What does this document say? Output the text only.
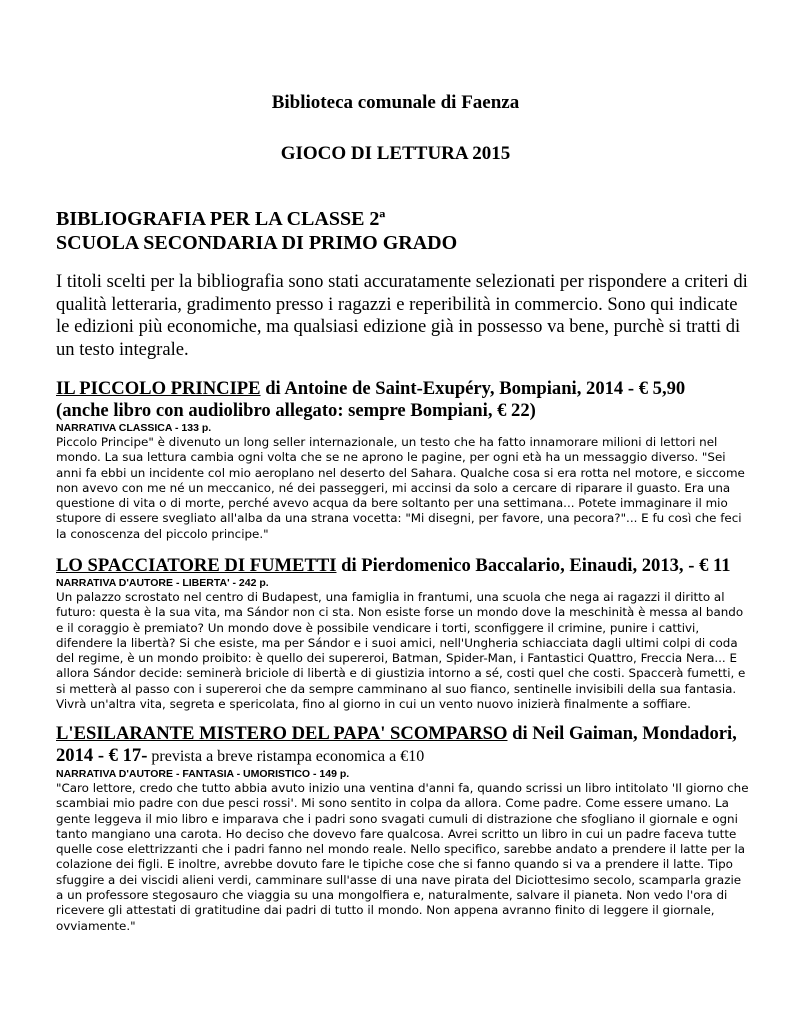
Biblioteca comunale di Faenza
GIOCO DI LETTURA 2015
BIBLIOGRAFIA PER LA CLASSE 2ª
SCUOLA SECONDARIA DI PRIMO GRADO
I titoli scelti per la bibliografia sono stati accuratamente selezionati per rispondere a criteri di qualità letteraria, gradimento presso i ragazzi e reperibilità in commercio. Sono qui indicate le edizioni più economiche, ma qualsiasi edizione già in possesso va bene, purchè si tratti di un testo integrale.
IL PICCOLO PRINCIPE di Antoine de Saint-Exupéry, Bompiani, 2014 - € 5,90
(anche libro con audiolibro allegato: sempre Bompiani, € 22)
NARRATIVA CLASSICA - 133 p.
Piccolo Principe" è divenuto un long seller internazionale, un testo che ha fatto innamorare milioni di lettori nel mondo. La sua lettura cambia ogni volta che se ne aprono le pagine, per ogni età ha un messaggio diverso. "Sei anni fa ebbi un incidente col mio aeroplano nel deserto del Sahara. Qualche cosa si era rotta nel motore, e siccome non avevo con me né un meccanico, né dei passeggeri, mi accinsi da solo a cercare di riparare il guasto. Era una questione di vita o di morte, perché avevo acqua da bere soltanto per una settimana... Potete immaginare il mio stupore di essere svegliato all'alba da una strana vocetta: "Mi disegni, per favore, una pecora?"... E fu così che feci la conoscenza del piccolo principe."
LO SPACCIATORE DI FUMETTI di Pierdomenico Baccalario, Einaudi, 2013, - € 11
NARRATIVA D'AUTORE - LIBERTA' - 242 p.
Un palazzo scrostato nel centro di Budapest, una famiglia in frantumi, una scuola che nega ai ragazzi il diritto al futuro: questa è la sua vita, ma Sándor non ci sta. Non esiste forse un mondo dove la meschinità è messa al bando e il coraggio è premiato? Un mondo dove è possibile vendicare i torti, sconfiggere il crimine, punire i cattivi, difendere la libertà? Si che esiste, ma per Sándor e i suoi amici, nell'Ungheria schiacciata dagli ultimi colpi di coda del regime, è un mondo proibito: è quello dei supereroi, Batman, Spider-Man, i Fantastici Quattro, Freccia Nera... E allora Sándor decide: seminerà briciole di libertà e di giustizia intorno a sé, costi quel che costi. Spaccerà fumetti, e si metterà al passo con i supereroi che da sempre camminano al suo fianco, sentinelle invisibili della sua fantasia. Vivrà un'altra vita, segreta e spericolata, fino al giorno in cui un vento nuovo inizierà finalmente a soffiare.
L'ESILARANTE MISTERO DEL PAPA' SCOMPARSO di Neil Gaiman, Mondadori, 2014 - € 17- prevista a breve ristampa economica a €10
NARRATIVA D'AUTORE - FANTASIA - UMORISTICO - 149 p.
"Caro lettore, credo che tutto abbia avuto inizio una ventina d'anni fa, quando scrissi un libro intitolato 'Il giorno che scambiai mio padre con due pesci rossi'. Mi sono sentito in colpa da allora. Come padre. Come essere umano. La gente leggeva il mio libro e imparava che i padri sono svagati cumuli di distrazione che sfogliano il giornale e ogni tanto mangiano una carota. Ho deciso che dovevo fare qualcosa. Avrei scritto un libro in cui un padre faceva tutte quelle cose elettrizzanti che i padri fanno nel mondo reale. Nello specifico, sarebbe andato a prendere il latte per la colazione dei figli. E inoltre, avrebbe dovuto fare le tipiche cose che si fanno quando si va a prendere il latte. Tipo sfuggire a dei viscidi alieni verdi, camminare sull'asse di una nave pirata del Diciottesimo secolo, scamparla grazie a un professore stegosauro che viaggia su una mongolfiera e, naturalmente, salvare il pianeta. Non vedo l'ora di ricevere gli attestati di gratitudine dai padri di tutto il mondo. Non appena avranno finito di leggere il giornale, ovviamente."
